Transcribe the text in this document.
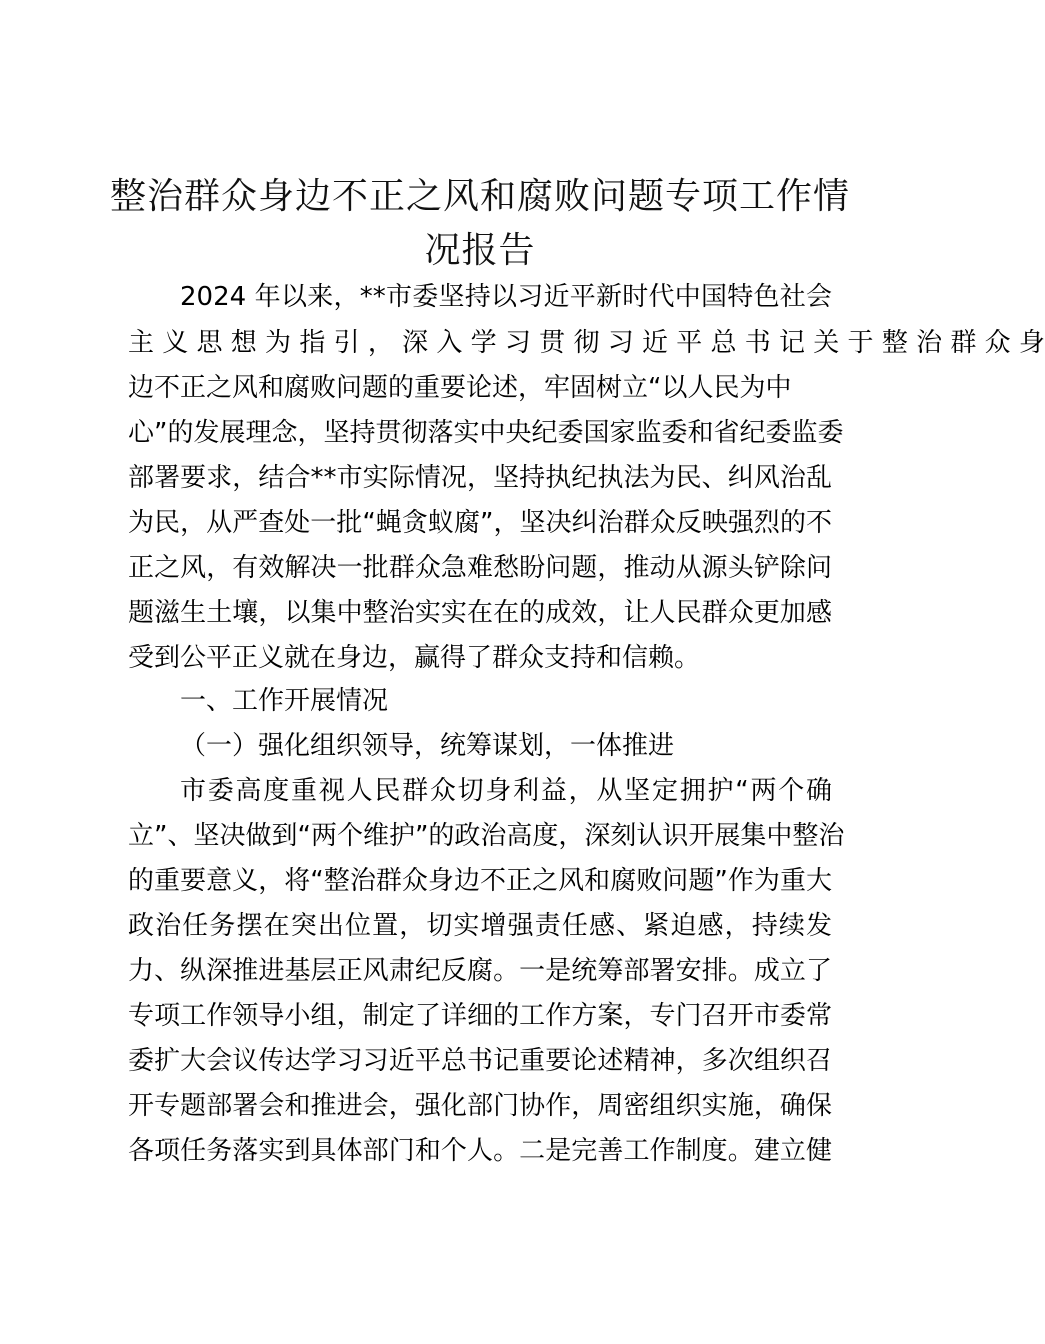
整治群众身边不正之风和腐败问题专项工作情况报告
2024 年以来，**市委坚持以习近平新时代中国特色社会
主 义 思 想 为 指 引 ， 深 入 学 习 贯 彻 习 近 平 总 书 记 关 于 整 治 群 众 身
边不正之风和腐败问题的重要论述，牢固树立“以人民为中
心”的发展理念，坚持贯彻落实中央纪委国家监委和省纪委监委
部署要求，结合**市实际情况，坚持执纪执法为民、纠风治乱
为民，从严查处一批“蝇贪蚁腐”，坚决纠治群众反映强烈的不
正之风，有效解决一批群众急难愁盼问题，推动从源头铲除问
题滋生土壤，以集中整治实实在在的成效，让人民群众更加感
受到公平正义就在身边，赢得了群众支持和信赖。
一、工作开展情况
（一）强化组织领导，统筹谋划，一体推进
市委高度重视人民群众切身利益，从坚定拥护“两个确
立”、坚决做到“两个维护”的政治高度，深刻认识开展集中整治
的重要意义，将“整治群众身边不正之风和腐败问题”作为重大
政治任务摆在突出位置，切实增强责任感、紧迫感，持续发
力、纵深推进基层正风肃纪反腐。一是统筹部署安排。成立了
专项工作领导小组，制定了详细的工作方案，专门召开市委常
委扩大会议传达学习习近平总书记重要论述精神，多次组织召
开专题部署会和推进会，强化部门协作，周密组织实施，确保
各项任务落实到具体部门和个人。二是完善工作制度。建立健
